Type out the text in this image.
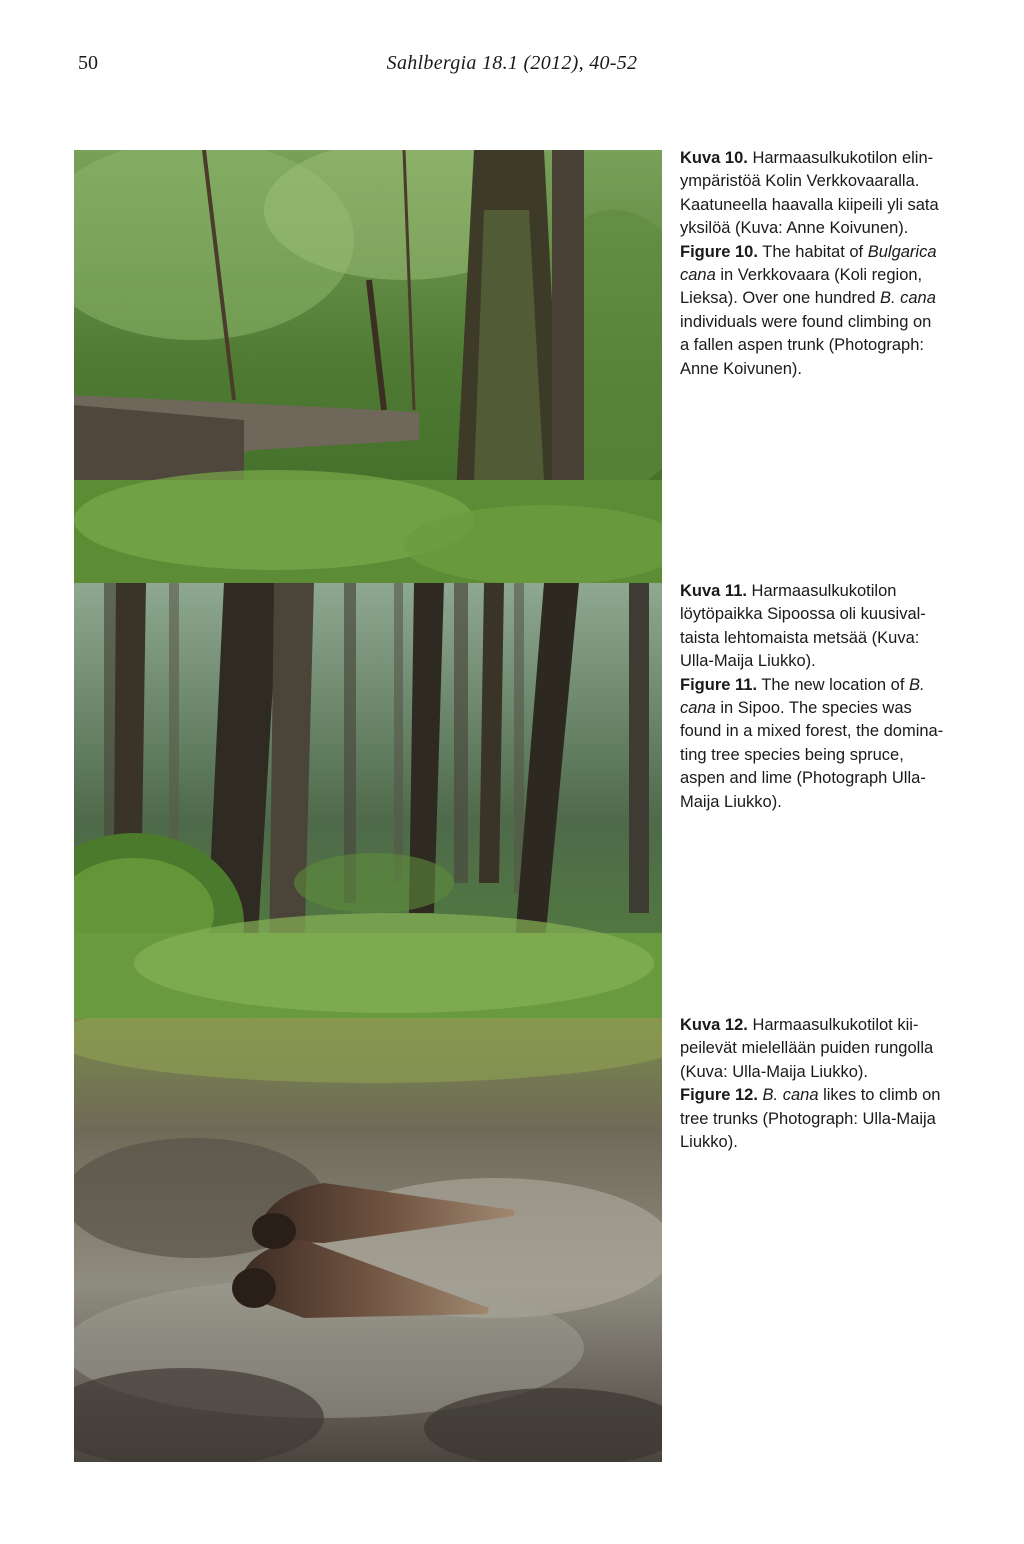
50	Sahlbergia 18.1 (2012), 40-52
Kuva 10. Harmaasulkukotilon elin-
ympäristöä Kolin Verkkovaaralla.
Kaatuneella haavalla kiipeili yli sata
yksilöä (Kuva: Anne Koivunen).
Figure 10. The habitat of Bulgarica
cana in Verkkovaara (Koli region,
Lieksa). Over one hundred B. cana
individuals were found climbing on
a fallen aspen trunk (Photograph:
Anne Koivunen).
Kuva 11. Harmaasulkukotilon
löytöpaikka Sipoossa oli kuusival-
taista lehtomaista metsää (Kuva:
Ulla-Maija Liukko).
Figure 11. The new location of B.
cana in Sipoo. The species was
found in a mixed forest, the domina-
ting tree species being spruce,
aspen and lime (Photograph Ulla-
Maija Liukko).
Kuva 12. Harmaasulkukotilot kii-
peilevät mielellään puiden rungolla
(Kuva: Ulla-Maija Liukko).
Figure 12. B. cana likes to climb on
tree trunks (Photograph: Ulla-Maija
Liukko).
